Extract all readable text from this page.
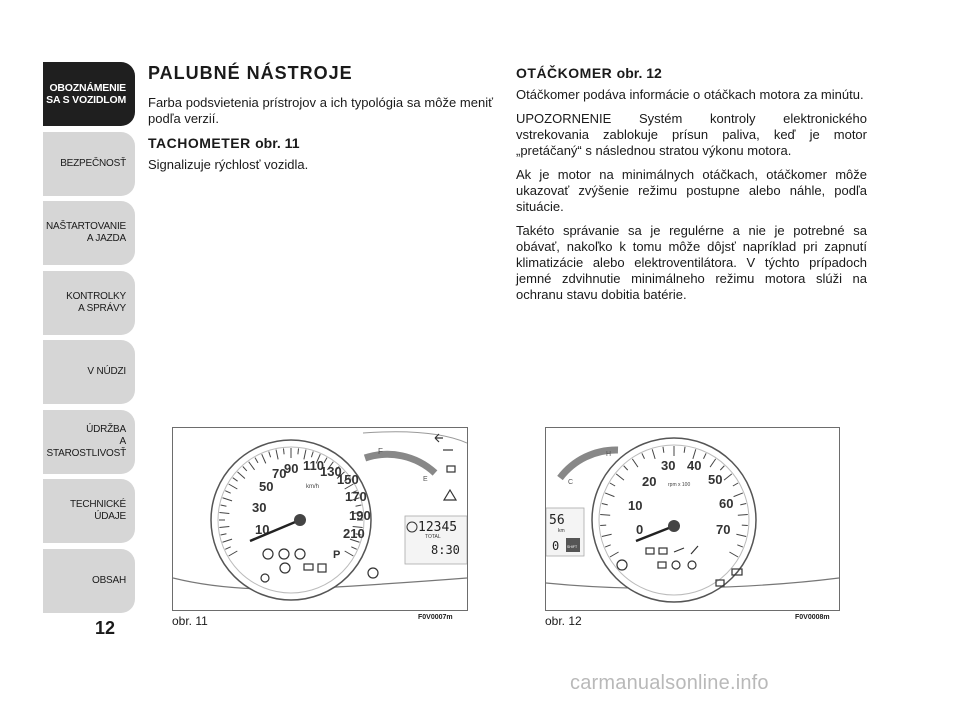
OBOZNÁMENIE
SA S VOZIDLOM
BEZPEČNOSŤ
NAŠTARTOVANIE
A JAZDA
KONTROLKY
A SPRÁVY
V NÚDZI
ÚDRŽBA
A STAROSTLIVOSŤ
TECHNICKÉ
ÚDAJE
OBSAH
12
PALUBNÉ NÁSTROJE

Farba podsvietenia prístrojov a ich typológia sa môže meniť podľa verzií.

TACHOMETER obr. 11

Signalizuje rýchlosť vozidla.

OTÁČKOMER obr. 12

Otáčkomer podáva informácie o otáčkach motora za minútu.

UPOZORNENIE Systém kontroly elektronického vstrekovania zablokuje prísun paliva, keď je motor „pretáčaný“ s následnou stratou výkonu motora.

Ak je motor na minimálnych otáčkach, otáčkomer môže ukazovať zvýšenie režimu postupne alebo náhle, podľa situácie.

Takéto správanie sa je regulérne a nie je potrebné sa obávať, nakoľko k tomu môže dôjsť napríklad pri zapnutí klimatizácie alebo elektroventilátora. V týchto prípadoch jemné zdvihnutie minimálneho režimu motora slúži na ochranu stavu dobitia batérie.

F
E
10
30
50
70
90 110
130
150
170
190
210
km/h
P
12345
TOTAL
8:30
obr. 11	F0V0007m
C
H
56
km
0 SHIFT
0
10
20
30 40
50
60
70
rpm x 100
obr. 12	F0V0008m
carmanualsonline.info
